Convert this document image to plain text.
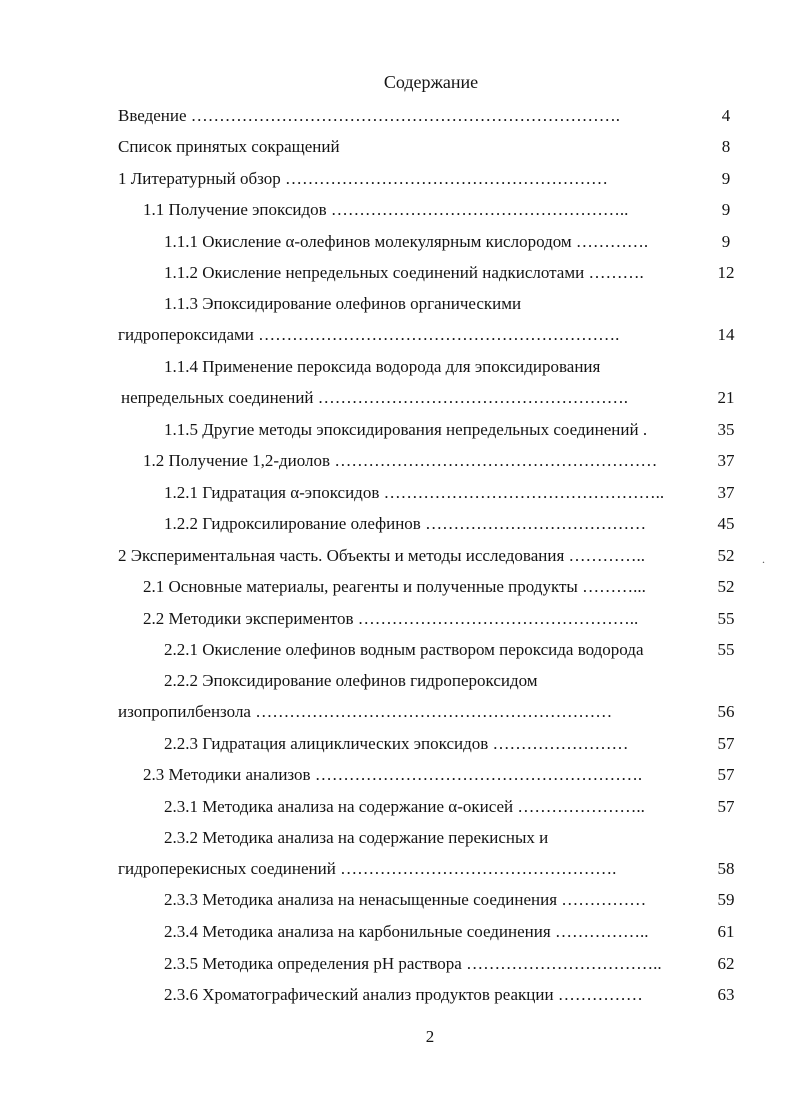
Содержание
Введение ………………………………………………………………….	4
Список принятых сокращений	8
1 Литературный обзор …………………………………………………	9
1.1 Получение эпоксидов ……………………………………………..	9
1.1.1 Окисление α-олефинов молекулярным кислородом ………….	9
1.1.2 Окисление непредельных соединений надкислотами ……….	12
1.1.3 Эпоксидирование олефинов органическими
гидропероксидами ……………………………………………………….	14
1.1.4 Применение пероксида водорода для эпоксидирования
непредельных соединений ……………………………………………….	21
1.1.5 Другие методы эпоксидирования непредельных соединений .	35
1.2 Получение 1,2-диолов …………………………………………………	37
1.2.1 Гидратация α-эпоксидов …………………………………………..	37
1.2.2 Гидроксилирование олефинов …………………………………	45
2 Экспериментальная часть. Объекты и методы исследования …………..	52
2.1 Основные материалы, реагенты и полученные продукты ………...	52
2.2 Методики экспериментов …………………………………………..	55
2.2.1 Окисление олефинов водным раствором пероксида водорода	55
2.2.2 Эпоксидирование олефинов гидропероксидом
изопропилбензола ………………………………………………………	56
2.2.3 Гидратация алициклических эпоксидов ……………………	57
2.3 Методики анализов ………………………………………………….	57
2.3.1 Методика анализа на содержание α-окисей …………………..	57
2.3.2 Методика анализа на содержание перекисных и
гидроперекисных соединений ………………………………………….	58
2.3.3 Методика анализа на ненасыщенные соединения ……………	59
2.3.4 Методика анализа на карбонильные соединения ……………..	61
2.3.5 Методика определения pH раствора ……………………………..	62
2.3.6 Хроматографический анализ продуктов реакции ……………	63
.
2
